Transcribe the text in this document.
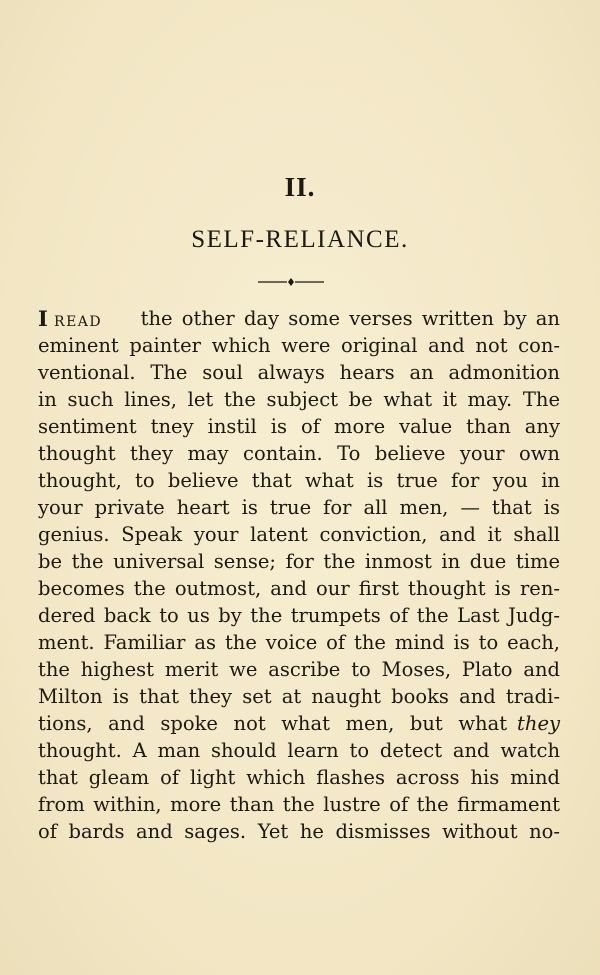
II.
SELF-RELIANCE.
I READ	the other day some verses written by an
eminent painter which were original and not con-
ventional. The soul always hears an admonition
in such lines, let the subject be what it may. The
sentiment tney instil is of more value than any
thought they may contain. To believe your own
thought, to believe that what is true for you in
your private heart is true for all men, — that is
genius. Speak your latent conviction, and it shall
be the universal sense; for the inmost in due time
becomes the outmost, and our first thought is ren-
dered back to us by the trumpets of the Last Judg-
ment. Familiar as the voice of the mind is to each,
the highest merit we ascribe to Moses, Plato and
Milton is that they set at naught books and tradi-
tions, and spoke not what men, but what they
thought. A man should learn to detect and watch
that gleam of light which flashes across his mind
from within, more than the lustre of the firmament
of bards and sages. Yet he dismisses without no-
